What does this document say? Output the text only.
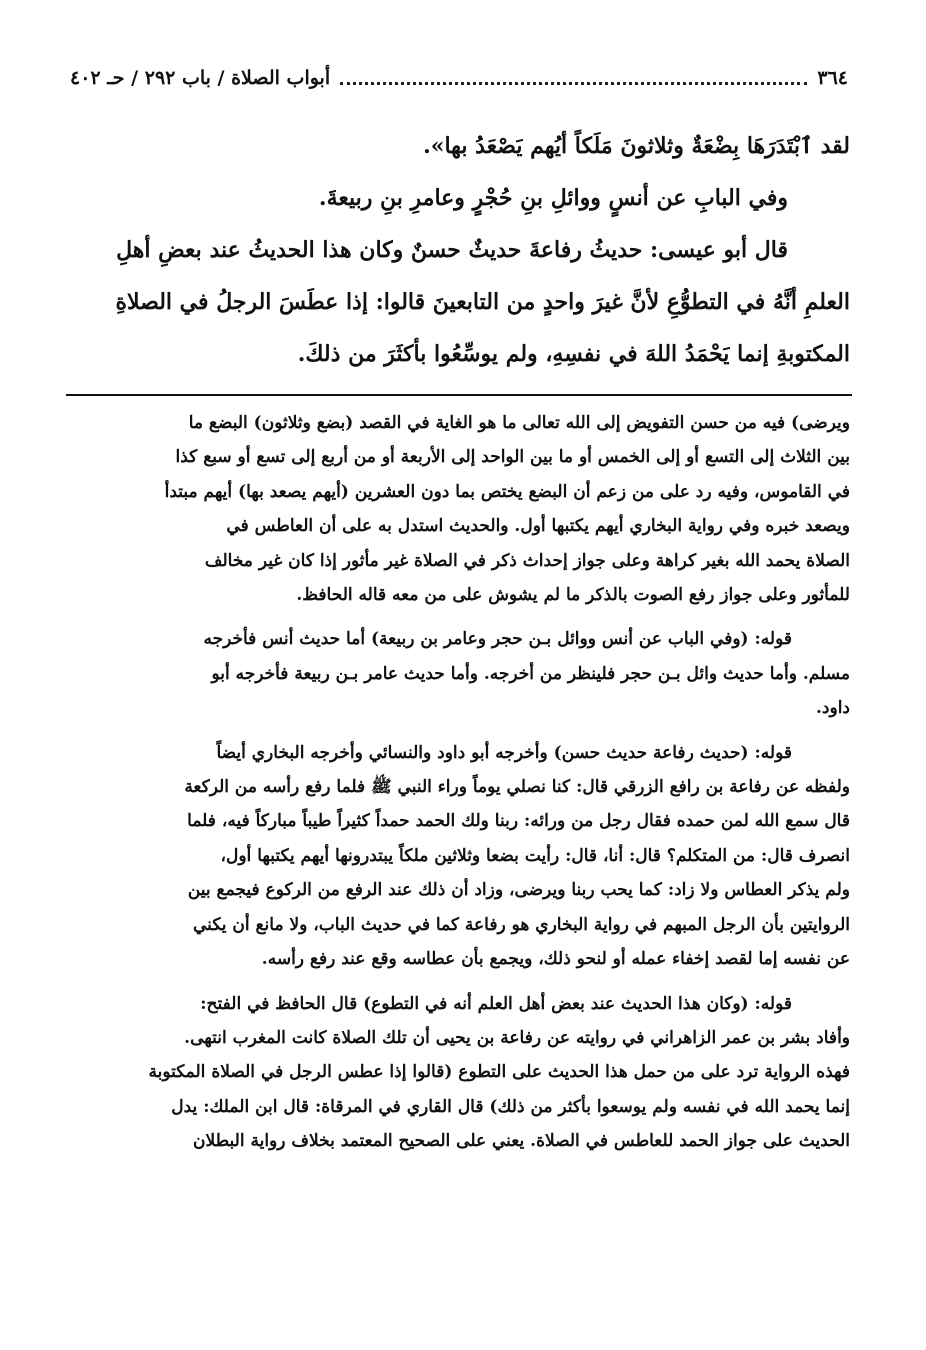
٣٦٤
أبواب الصلاة / باب ٢٩٢ / حـ ٤٠٢

لقد ٱبْتَدَرَهَا بِضْعَةٌ وثلاثونَ مَلَكاً أيُهم يَصْعَدُ بها».

وفي البابِ عن أنسٍ ووائلِ بنِ حُجْرٍ وعامرِ بنِ ربيعةَ.

قال أبو عيسى: حديثُ رفاعةَ حديثٌ حسنٌ وكان هذا الحديثُ عند بعضِ أهلِ

العلمِ أنَّهُ في التطوُّعِ لأنَّ غيرَ واحدٍ من التابعينَ قالوا: إذا عطَسَ الرجلُ في الصلاةِ

المكتوبةِ إنما يَحْمَدُ اللهَ في نفسِهِ، ولم يوسِّعُوا بأكثَرَ من ذلكَ.

ويرضى) فيه من حسن التفويض إلى الله تعالى ما هو الغاية في القصد (بضع وثلاثون) البضع ما

بين الثلاث إلى التسع أو إلى الخمس أو ما بين الواحد إلى الأربعة أو من أربع إلى تسع أو سبع كذا

في القاموس، وفيه رد على من زعم أن البضع يختص بما دون العشرين (أيهم يصعد بها) أيهم مبتدأ

ويصعد خبره وفي رواية البخاري أيهم يكتبها أول. والحديث استدل به على أن العاطس في

الصلاة يحمد الله بغير كراهة وعلى جواز إحداث ذكر في الصلاة غير مأثور إذا كان غير مخالف

للمأثور وعلى جواز رفع الصوت بالذكر ما لم يشوش على من معه قاله الحافظ.

قوله: (وفي الباب عن أنس ووائل بـن حجر وعامر بن ربيعة) أما حديث أنس فأخرجه

مسلم. وأما حديث وائل بـن حجر فلينظر من أخرجه. وأما حديث عامر بـن ربيعة فأخرجه أبو

داود.

قوله: (حديث رفاعة حديث حسن) وأخرجه أبو داود والنسائي وأخرجه البخاري أيضاً

ولفظه عن رفاعة بن رافع الزرقي قال: كنا نصلي يوماً وراء النبي ﷺ فلما رفع رأسه من الركعة

قال سمع الله لمن حمده فقال رجل من ورائه: ربنا ولك الحمد حمداً كثيراً طيباً مباركاً فيه، فلما

انصرف قال: من المتكلم؟ قال: أنا، قال: رأيت بضعا وثلاثين ملكاً يبتدرونها أيهم يكتبها أول،

ولم يذكر العطاس ولا زاد: كما يحب ربنا ويرضى، وزاد أن ذلك عند الرفع من الركوع فيجمع بين

الروايتين بأن الرجل المبهم في رواية البخاري هو رفاعة كما في حديث الباب، ولا مانع أن يكني

عن نفسه إما لقصد إخفاء عمله أو لنحو ذلك، ويجمع بأن عطاسه وقع عند رفع رأسه.

قوله: (وكان هذا الحديث عند بعض أهل العلم أنه في التطوع) قال الحافظ في الفتح:

وأفاد بشر بن عمر الزاهراني في روايته عن رفاعة بن يحيى أن تلك الصلاة كانت المغرب انتهى.

فهذه الرواية ترد على من حمل هذا الحديث على التطوع (قالوا إذا عطس الرجل في الصلاة المكتوبة

إنما يحمد الله في نفسه ولم يوسعوا بأكثر من ذلك) قال القاري في المرقاة: قال ابن الملك: يدل

الحديث على جواز الحمد للعاطس في الصلاة. يعني على الصحيح المعتمد بخلاف رواية البطلان
